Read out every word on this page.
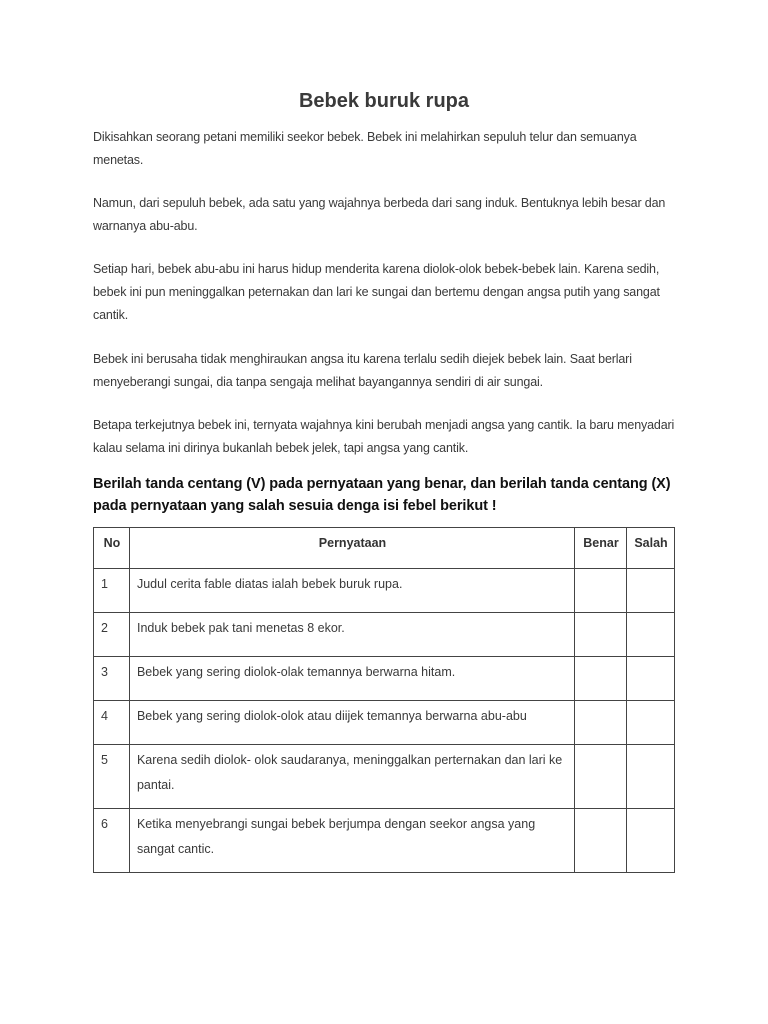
Bebek buruk rupa

Dikisahkan seorang petani memiliki seekor bebek. Bebek ini melahirkan sepuluh telur dan semuanya menetas.

Namun, dari sepuluh bebek, ada satu yang wajahnya berbeda dari sang induk. Bentuknya lebih besar dan warnanya abu-abu.

Setiap hari, bebek abu-abu ini harus hidup menderita karena diolok-olok bebek-bebek lain. Karena sedih, bebek ini pun meninggalkan peternakan dan lari ke sungai dan bertemu dengan angsa putih yang sangat cantik.

Bebek ini berusaha tidak menghiraukan angsa itu karena terlalu sedih diejek bebek lain. Saat berlari menyeberangi sungai, dia tanpa sengaja melihat bayangannya sendiri di air sungai.

Betapa terkejutnya bebek ini, ternyata wajahnya kini berubah menjadi angsa yang cantik. Ia baru menyadari kalau selama ini dirinya bukanlah bebek jelek, tapi angsa yang cantik.

Berilah tanda centang (V) pada pernyataan yang benar, dan berilah tanda centang (X) pada pernyataan yang salah sesuia denga isi febel berikut !

No	Pernyataan	Benar	Salah
1	Judul cerita fable diatas ialah bebek buruk rupa.		
2	Induk bebek pak tani menetas 8 ekor.		
3	Bebek yang sering diolok-olak temannya berwarna hitam.		
4	Bebek yang sering diolok-olok atau diijek temannya berwarna abu-abu		
5	Karena sedih diolok- olok saudaranya, meninggalkan perternakan dan lari ke pantai.		
6	Ketika menyebrangi sungai bebek berjumpa dengan seekor angsa yang sangat cantic.		
